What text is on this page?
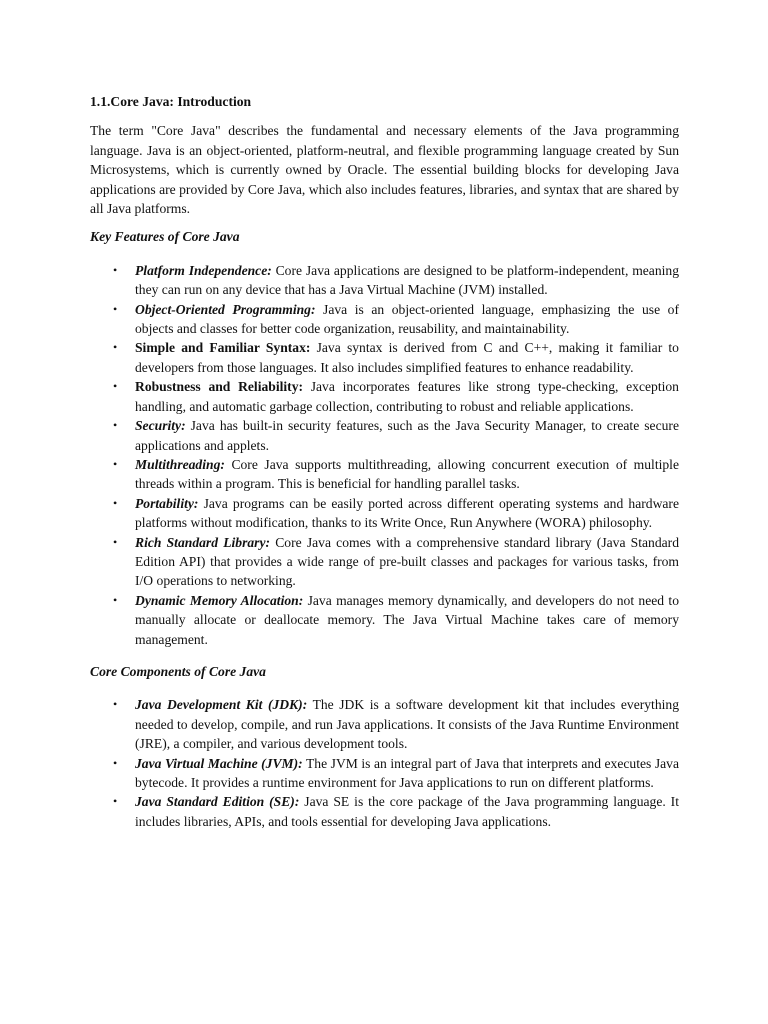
1.1.Core Java: Introduction
The term "Core Java" describes the fundamental and necessary elements of the Java programming language. Java is an object-oriented, platform-neutral, and flexible programming language created by Sun Microsystems, which is currently owned by Oracle. The essential building blocks for developing Java applications are provided by Core Java, which also includes features, libraries, and syntax that are shared by all Java platforms.
Key Features of Core Java
• Platform Independence: Core Java applications are designed to be platform-independent, meaning they can run on any device that has a Java Virtual Machine (JVM) installed.
• Object-Oriented Programming: Java is an object-oriented language, emphasizing the use of objects and classes for better code organization, reusability, and maintainability.
• Simple and Familiar Syntax: Java syntax is derived from C and C++, making it familiar to developers from those languages. It also includes simplified features to enhance readability.
• Robustness and Reliability: Java incorporates features like strong type-checking, exception handling, and automatic garbage collection, contributing to robust and reliable applications.
• Security: Java has built-in security features, such as the Java Security Manager, to create secure applications and applets.
• Multithreading: Core Java supports multithreading, allowing concurrent execution of multiple threads within a program. This is beneficial for handling parallel tasks.
• Portability: Java programs can be easily ported across different operating systems and hardware platforms without modification, thanks to its Write Once, Run Anywhere (WORA) philosophy.
• Rich Standard Library: Core Java comes with a comprehensive standard library (Java Standard Edition API) that provides a wide range of pre-built classes and packages for various tasks, from I/O operations to networking.
• Dynamic Memory Allocation: Java manages memory dynamically, and developers do not need to manually allocate or deallocate memory. The Java Virtual Machine takes care of memory management.
Core Components of Core Java
• Java Development Kit (JDK): The JDK is a software development kit that includes everything needed to develop, compile, and run Java applications. It consists of the Java Runtime Environment (JRE), a compiler, and various development tools.
• Java Virtual Machine (JVM): The JVM is an integral part of Java that interprets and executes Java bytecode. It provides a runtime environment for Java applications to run on different platforms.
• Java Standard Edition (SE): Java SE is the core package of the Java programming language. It includes libraries, APIs, and tools essential for developing Java applications.
